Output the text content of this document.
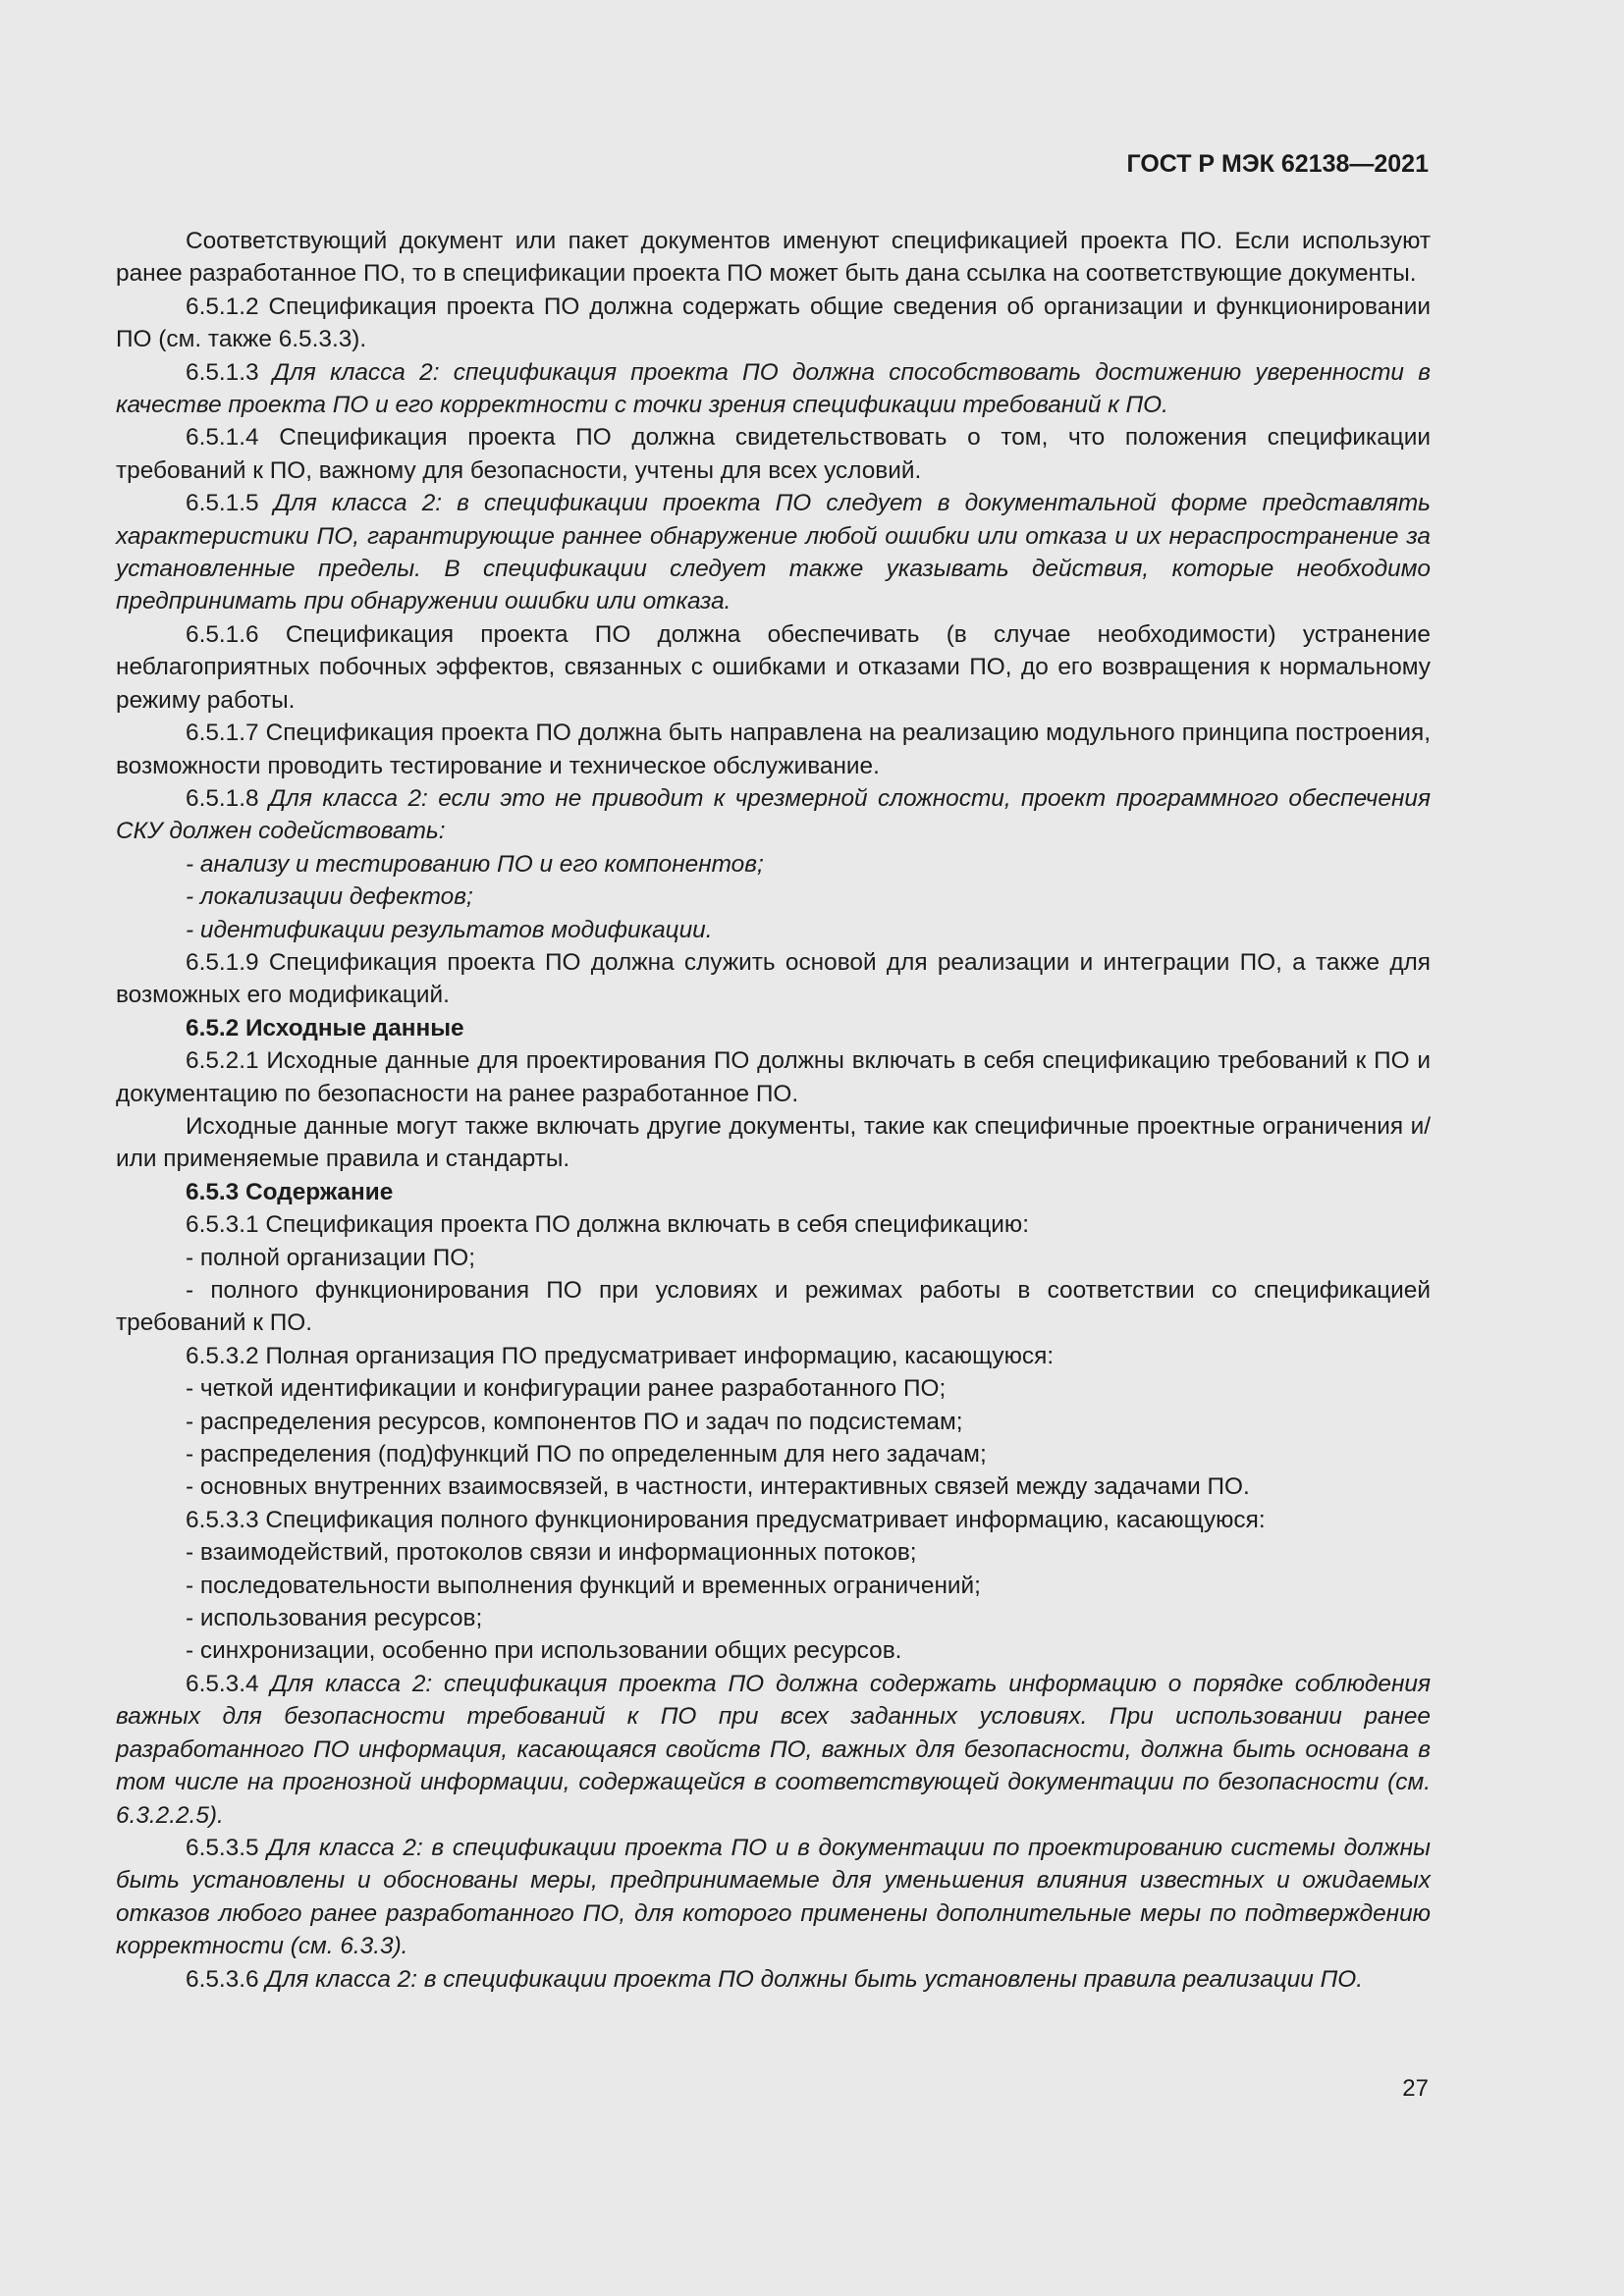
ГОСТ Р МЭК 62138—2021

Соответствующий документ или пакет документов именуют спецификацией проекта ПО. Если используют ранее разработанное ПО, то в спецификации проекта ПО может быть дана ссылка на соответствующие документы.

6.5.1.2 Спецификация проекта ПО должна содержать общие сведения об организации и функционировании ПО (см. также 6.5.3.3).

6.5.1.3 Для класса 2: спецификация проекта ПО должна способствовать достижению уверенности в качестве проекта ПО и его корректности с точки зрения спецификации требований к ПО.

6.5.1.4 Спецификация проекта ПО должна свидетельствовать о том, что положения спецификации требований к ПО, важному для безопасности, учтены для всех условий.

6.5.1.5 Для класса 2: в спецификации проекта ПО следует в документальной форме представлять характеристики ПО, гарантирующие раннее обнаружение любой ошибки или отказа и их нераспространение за установленные пределы. В спецификации следует также указывать действия, которые необходимо предпринимать при обнаружении ошибки или отказа.

6.5.1.6 Спецификация проекта ПО должна обеспечивать (в случае необходимости) устранение неблагоприятных побочных эффектов, связанных с ошибками и отказами ПО, до его возвращения к нормальному режиму работы.

6.5.1.7 Спецификация проекта ПО должна быть направлена на реализацию модульного принципа построения, возможности проводить тестирование и техническое обслуживание.

6.5.1.8 Для класса 2: если это не приводит к чрезмерной сложности, проект программного обеспечения СКУ должен содействовать:

- анализу и тестированию ПО и его компонентов;

- локализации дефектов;

- идентификации результатов модификации.

6.5.1.9 Спецификация проекта ПО должна служить основой для реализации и интеграции ПО, а также для возможных его модификаций.

6.5.2 Исходные данные

6.5.2.1 Исходные данные для проектирования ПО должны включать в себя спецификацию требований к ПО и документацию по безопасности на ранее разработанное ПО.

Исходные данные могут также включать другие документы, такие как специфичные проектные ограничения и/или применяемые правила и стандарты.

6.5.3 Содержание

6.5.3.1 Спецификация проекта ПО должна включать в себя спецификацию:

- полной организации ПО;

- полного функционирования ПО при условиях и режимах работы в соответствии со спецификацией требований к ПО.

6.5.3.2 Полная организация ПО предусматривает информацию, касающуюся:

- четкой идентификации и конфигурации ранее разработанного ПО;

- распределения ресурсов, компонентов ПО и задач по подсистемам;

- распределения (под)функций ПО по определенным для него задачам;

- основных внутренних взаимосвязей, в частности, интерактивных связей между задачами ПО.

6.5.3.3 Спецификация полного функционирования предусматривает информацию, касающуюся:

- взаимодействий, протоколов связи и информационных потоков;

- последовательности выполнения функций и временных ограничений;

- использования ресурсов;

- синхронизации, особенно при использовании общих ресурсов.

6.5.3.4 Для класса 2: спецификация проекта ПО должна содержать информацию о порядке соблюдения важных для безопасности требований к ПО при всех заданных условиях. При использовании ранее разработанного ПО информация, касающаяся свойств ПО, важных для безопасности, должна быть основана в том числе на прогнозной информации, содержащейся в соответствующей документации по безопасности (см. 6.3.2.2.5).

6.5.3.5 Для класса 2: в спецификации проекта ПО и в документации по проектированию системы должны быть установлены и обоснованы меры, предпринимаемые для уменьшения влияния известных и ожидаемых отказов любого ранее разработанного ПО, для которого применены дополнительные меры по подтверждению корректности (см. 6.3.3).

6.5.3.6 Для класса 2: в спецификации проекта ПО должны быть установлены правила реализации ПО.

27
